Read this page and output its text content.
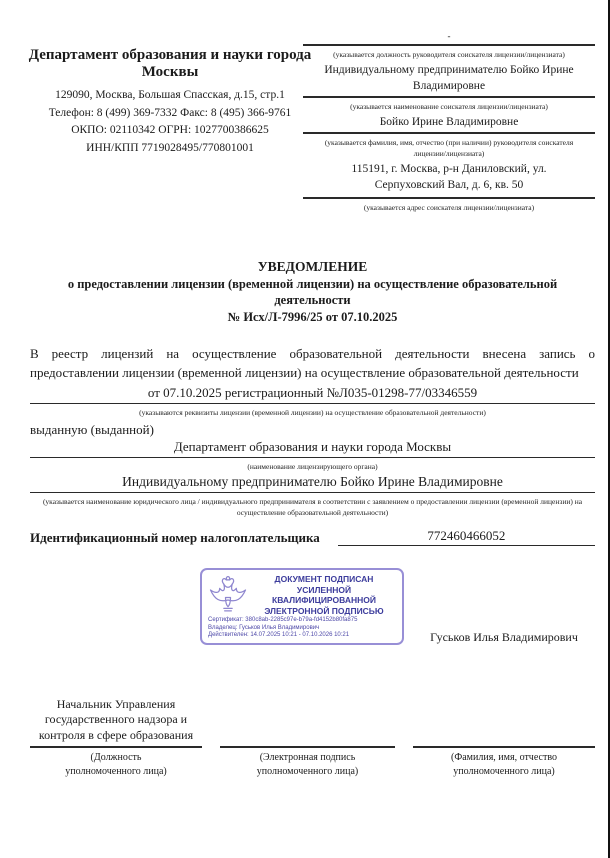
Департамент образования и науки города Москвы
129090, Москва, Большая Спасская, д.15, стр.1
Телефон: 8 (499) 369-7332 Факс: 8 (495) 366-9761
ОКПО: 02110342 ОГРН: 1027700386625
ИНН/КПП 7719028495/770801001
-
(указывается должность руководителя соискателя лицензии/лицензиата)
Индивидуальному предпринимателю Бойко Ирине Владимировне
(указывается наименование соискателя лицензии/лицензиата)
Бойко Ирине Владимировне
(указывается фамилия, имя, отчество (при наличии) руководителя соискателя лицензии/лицензиата)
115191, г. Москва, р-н Даниловский, ул. Серпуховский Вал, д. 6, кв. 50
(указывается адрес соискателя лицензии/лицензиата)
УВЕДОМЛЕНИЕ
о предоставлении лицензии (временной лицензии) на осуществление образовательной деятельности
№ Исх/Л-7996/25 от 07.10.2025
В реестр лицензий на осуществление образовательной деятельности внесена запись о предоставлении лицензии (временной лицензии) на осуществление образовательной деятельности
от 07.10.2025 регистрационный №Л035-01298-77/03346559
(указываются реквизиты лицензии (временной лицензии) на осуществление образовательной деятельности)
выданную (выданной)
Департамент образования и науки города Москвы
(наименование лицензирующего органа)
Индивидуальному предпринимателю Бойко Ирине Владимировне
(указывается наименование юридического лица / индивидуального предпринимателя в соответствии с заявлением о предоставлении лицензии (временной лицензии) на осуществление образовательной деятельности)
Идентификационный номер налогоплательщика	772460466052
ДОКУМЕНТ ПОДПИСАН
УСИЛЕННОЙ КВАЛИФИЦИРОВАННОЙ
ЭЛЕКТРОННОЙ ПОДПИСЬЮ
Сертификат: 380c8ab-2285c97e-b79a-fd4152b80fa875
Владелец: Гуськов Илья Владимирович
Действителен: 14.07.2025 10:21 - 07.10.2026 10:21
Начальник Управления государственного надзора и контроля в сфере образования
(Должность
уполномоченного лица)
(Электронная подпись
уполномоченного лица)
Гуськов Илья Владимирович
(Фамилия, имя, отчество
уполномоченного лица)
